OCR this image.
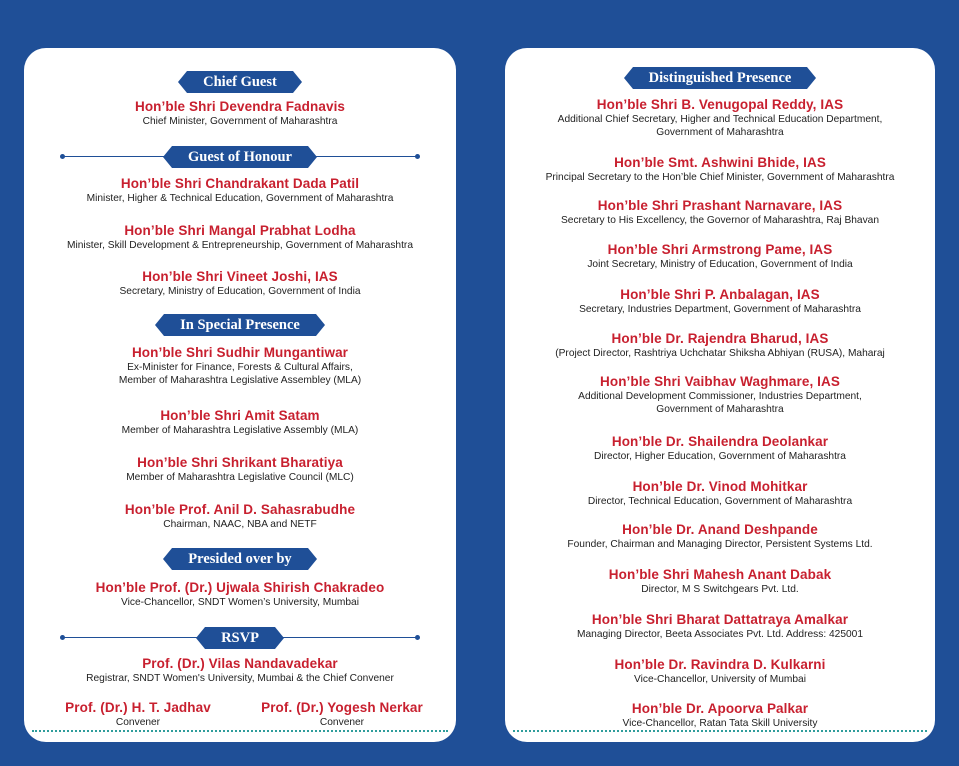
Chief Guest
Hon’ble Shri Devendra Fadnavis
Chief Minister, Government of Maharashtra
Guest of Honour
Hon’ble Shri Chandrakant Dada Patil
Minister, Higher & Technical Education, Government of Maharashtra
Hon’ble Shri Mangal Prabhat Lodha
Minister, Skill Development & Entrepreneurship, Government of Maharashtra
Hon’ble Shri Vineet Joshi, IAS
Secretary, Ministry of Education, Government of India
In Special Presence
Hon’ble Shri Sudhir Mungantiwar
Ex-Minister for Finance, Forests & Cultural Affairs,
Member of Maharashtra Legislative Assembley (MLA)
Hon’ble Shri Amit Satam
Member of Maharashtra Legislative Assembly (MLA)
Hon’ble Shri Shrikant Bharatiya
Member of Maharashtra Legislative Council (MLC)
Hon’ble Prof. Anil D. Sahasrabudhe
Chairman, NAAC, NBA and NETF
Presided over by
Hon’ble Prof. (Dr.) Ujwala Shirish Chakradeo
Vice-Chancellor, SNDT Women’s University, Mumbai
RSVP
Prof. (Dr.) Vilas Nandavadekar
Registrar, SNDT Women's University, Mumbai & the Chief Convener
Prof. (Dr.) H. T. Jadhav
Convener
Prof. (Dr.) Yogesh Nerkar
Convener
Distinguished Presence
Hon’ble Shri B. Venugopal Reddy, IAS
Additional Chief Secretary, Higher and Technical Education Department,
Government of Maharashtra
Hon’ble Smt. Ashwini Bhide, IAS
Principal Secretary to the Hon’ble Chief Minister, Government of Maharashtra
Hon’ble Shri Prashant Narnavare, IAS
Secretary to His Excellency, the Governor of Maharashtra, Raj Bhavan
Hon’ble Shri Armstrong Pame, IAS
Joint Secretary, Ministry of Education, Government of India
Hon’ble Shri P. Anbalagan, IAS
Secretary, Industries Department, Government of Maharashtra
Hon’ble Dr. Rajendra Bharud, IAS
(Project Director, Rashtriya Uchchatar Shiksha Abhiyan (RUSA), Maharaj
Hon’ble Shri Vaibhav Waghmare, IAS
Additional Development Commissioner, Industries Department,
Government of Maharashtra
Hon’ble Dr. Shailendra Deolankar
Director, Higher Education, Government of Maharashtra
Hon’ble Dr. Vinod Mohitkar
Director, Technical Education, Government of Maharashtra
Hon’ble Dr. Anand Deshpande
Founder, Chairman and Managing Director, Persistent Systems Ltd.
Hon’ble Shri Mahesh Anant Dabak
Director, M S Switchgears Pvt. Ltd.
Hon’ble Shri Bharat Dattatraya Amalkar
Managing Director, Beeta Associates Pvt. Ltd. Address: 425001
Hon’ble Dr. Ravindra D. Kulkarni
Vice-Chancellor, University of Mumbai
Hon’ble Dr. Apoorva Palkar
Vice-Chancellor, Ratan Tata Skill University
